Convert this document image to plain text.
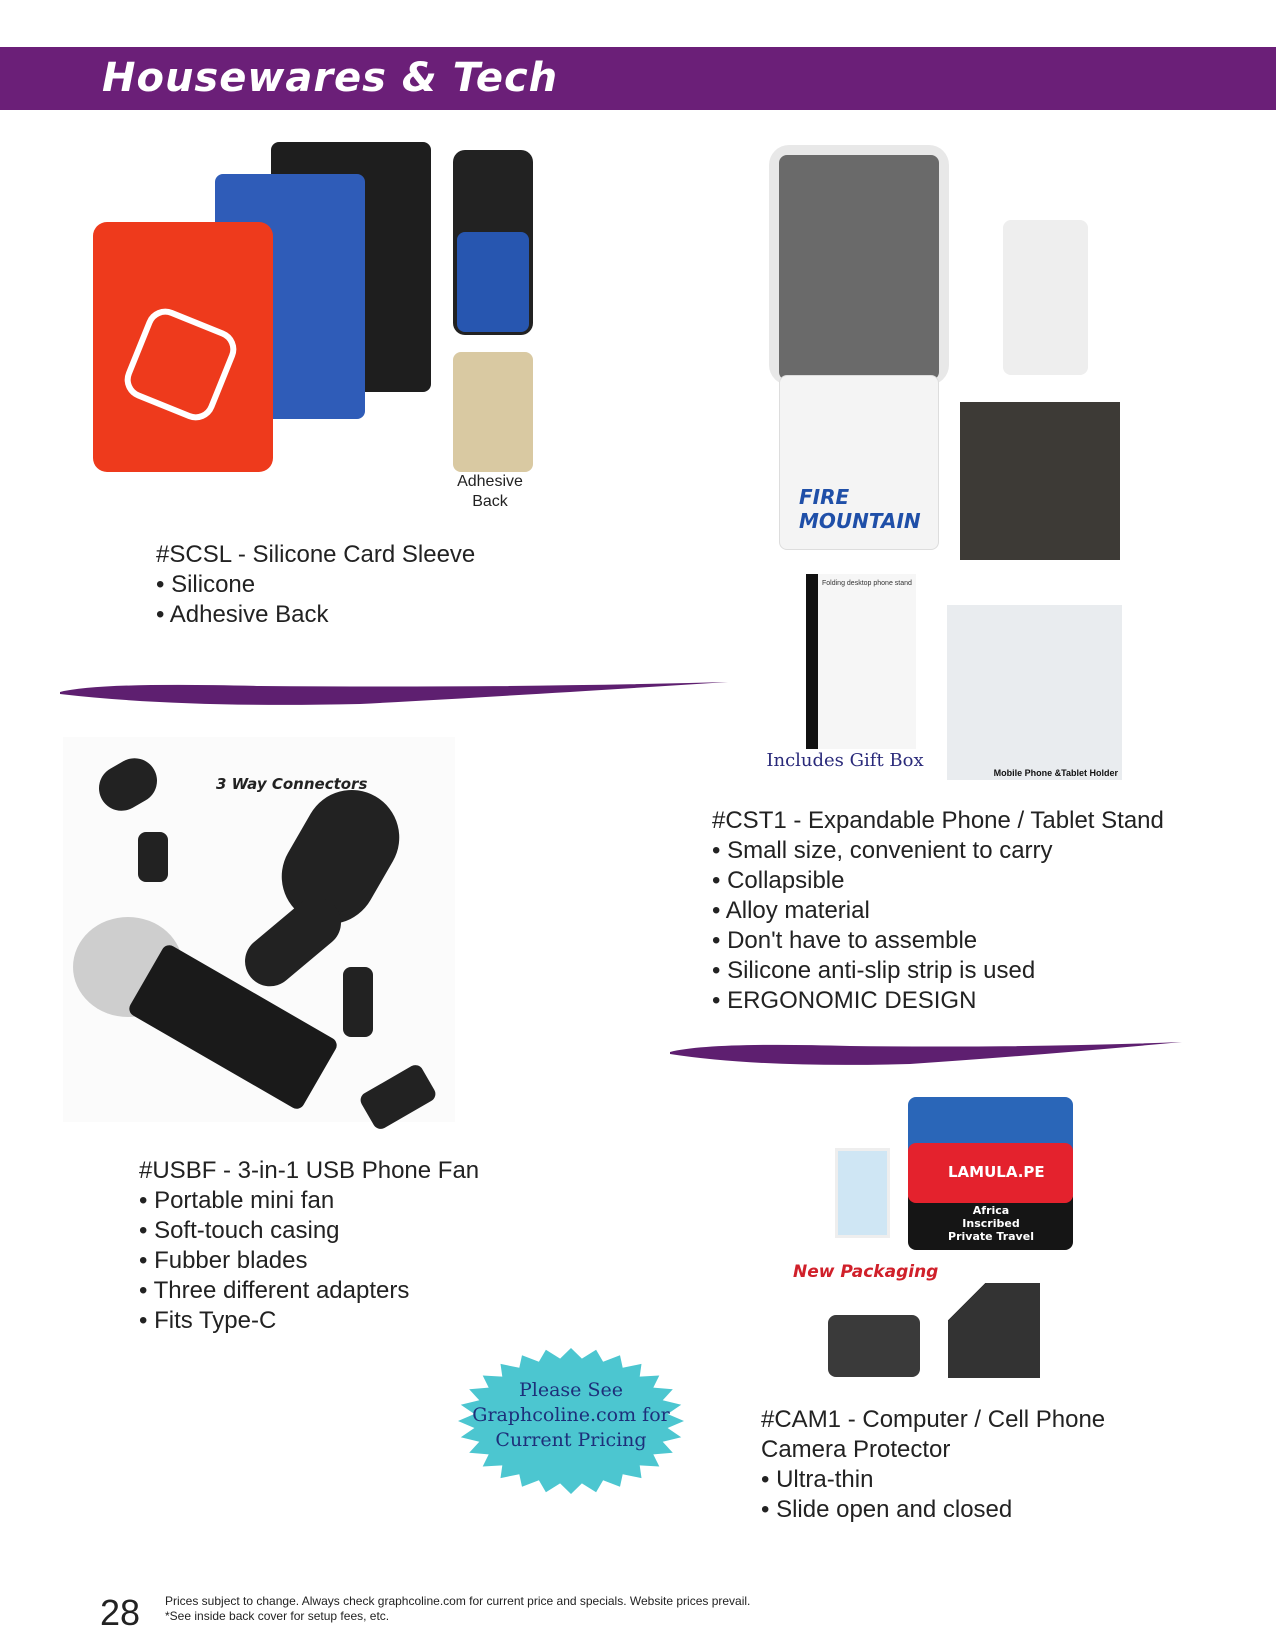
Housewares & Tech
Adhesive Back
#SCSL - Silicone Card Sleeve
• Silicone
• Adhesive Back
FIRE
MOUNTAIN
Folding desktop phone stand
Mobile Phone &Tablet Holder
Includes Gift Box
#CST1 - Expandable Phone / Tablet Stand
• Small size, convenient to carry
• Collapsible
• Alloy material
• Don't have to assemble
• Silicone anti-slip strip is used
• ERGONOMIC DESIGN
3 Way Connectors
#USBF - 3-in-1 USB Phone Fan
• Portable mini fan
• Soft-touch casing
• Fubber blades
• Three different adapters
• Fits Type-C
Africa Inscribed Private Travel
LAMULA.PE
New Packaging
#CAM1 - Computer / Cell Phone
Camera Protector
• Ultra-thin
• Slide open and closed
Please See
Graphcoline.com for
Current Pricing
28 Prices subject to change. Always check graphcoline.com for current price and specials. Website prices prevail.
*See inside back cover for setup fees, etc.
